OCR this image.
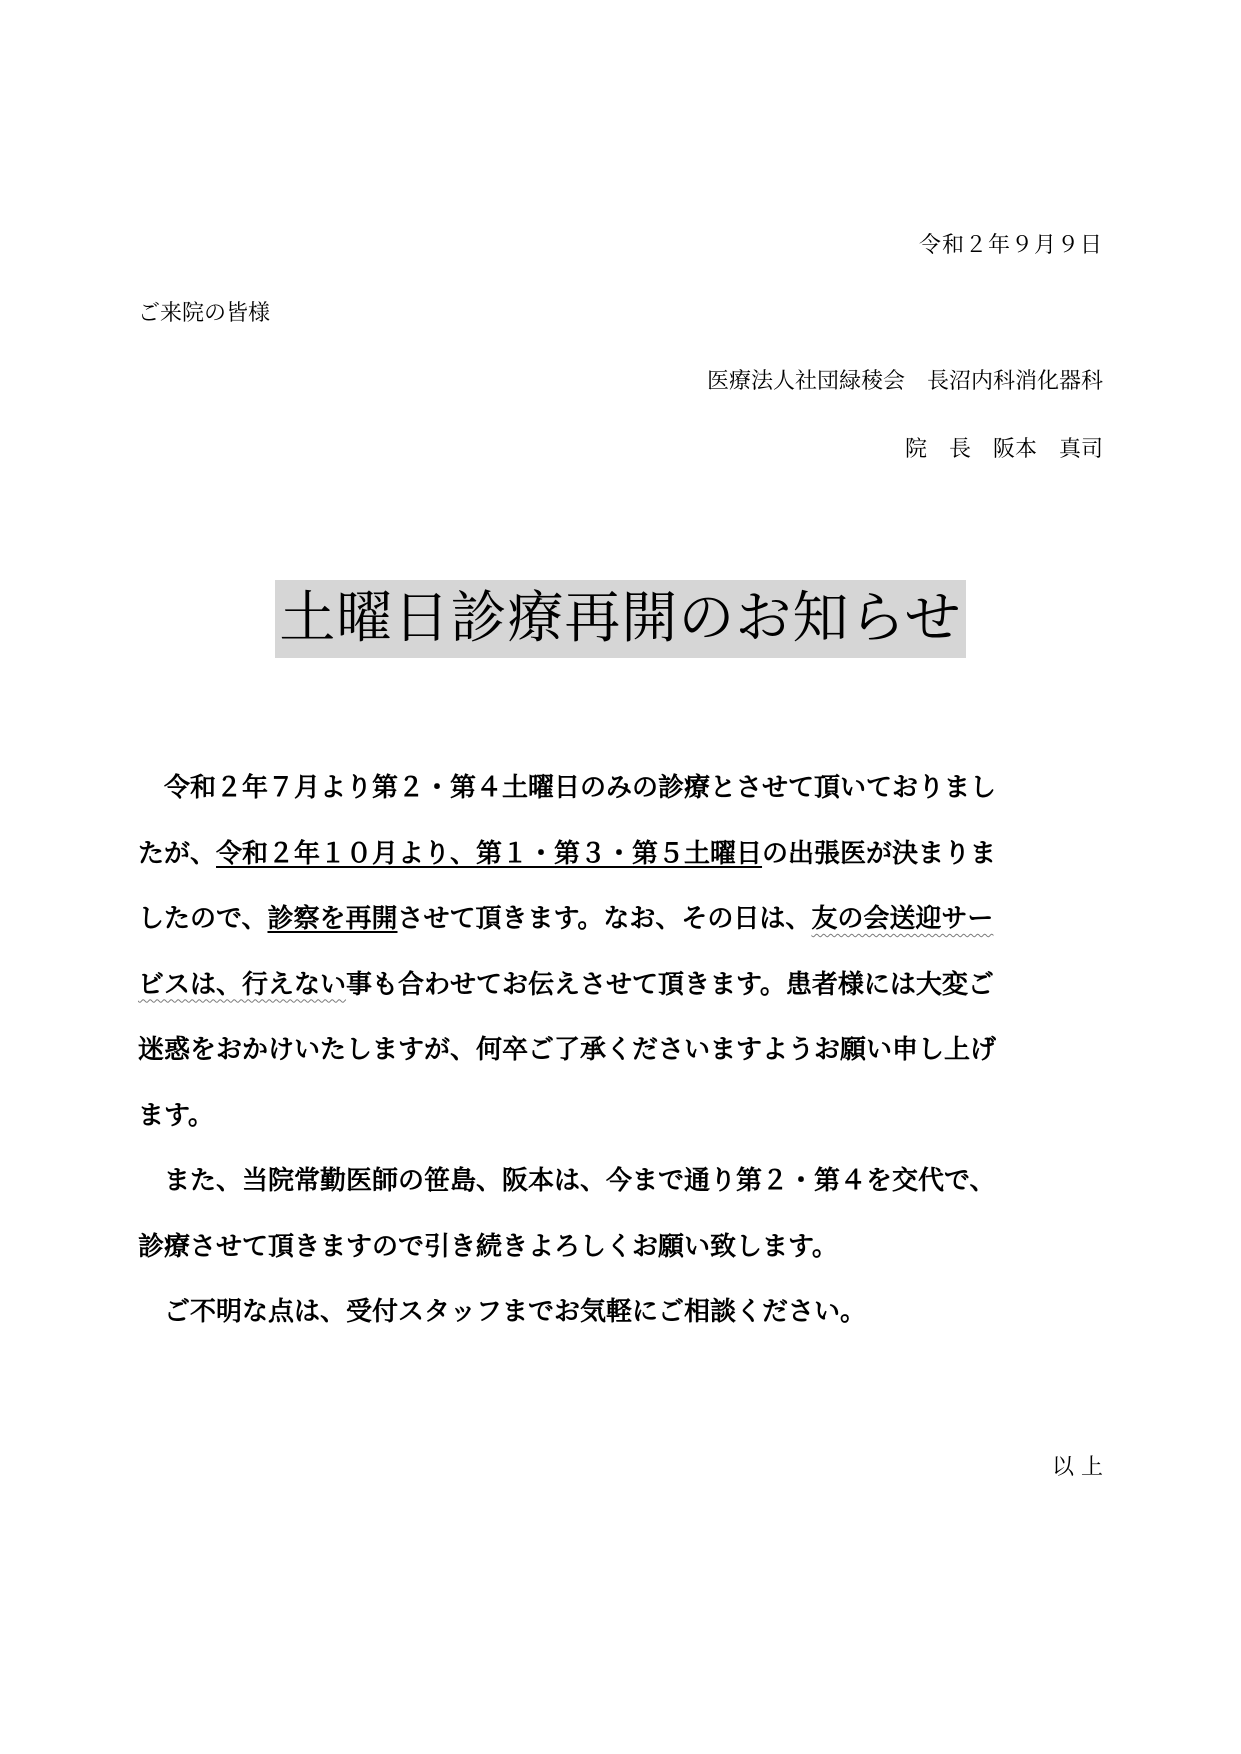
令和２年９月９日
ご来院の皆様
医療法人社団緑稜会　長沼内科消化器科
院　長　阪本　真司
土曜日診療再開のお知らせ
　令和２年７月より第２・第４土曜日のみの診療とさせて頂いておりまし
たが、令和２年１０月より、第１・第３・第５土曜日の出張医が決まりま
したので、診察を再開させて頂きます。なお、その日は、友の会送迎サー
ビスは、行えない事も合わせてお伝えさせて頂きます。患者様には大変ご
迷惑をおかけいたしますが、何卒ご了承くださいますようお願い申し上げ
ます。
　また、当院常勤医師の笹島、阪本は、今まで通り第２・第４を交代で、
診療させて頂きますので引き続きよろしくお願い致します。
　ご不明な点は、受付スタッフまでお気軽にご相談ください。
以 上
